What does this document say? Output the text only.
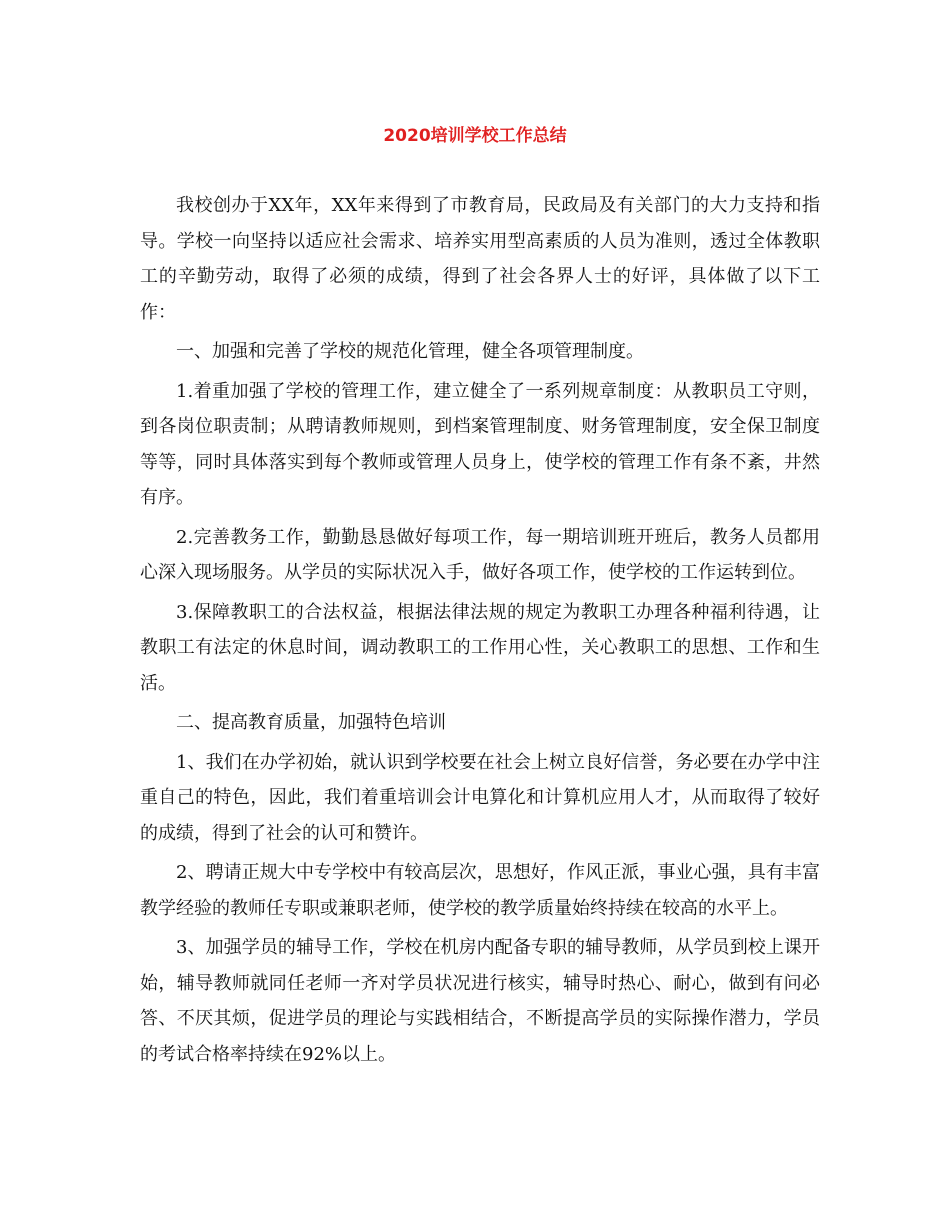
2020培训学校工作总结

我校创办于XX年，XX年来得到了市教育局，民政局及有关部门的大力支持和指导。学校一向坚持以适应社会需求、培养实用型高素质的人员为准则，透过全体教职工的辛勤劳动，取得了必须的成绩，得到了社会各界人士的好评，具体做了以下工作：

一、加强和完善了学校的规范化管理，健全各项管理制度。

1.着重加强了学校的管理工作，建立健全了一系列规章制度：从教职员工守则，到各岗位职责制；从聘请教师规则，到档案管理制度、财务管理制度，安全保卫制度等等，同时具体落实到每个教师或管理人员身上，使学校的管理工作有条不紊，井然有序。

2.完善教务工作，勤勤恳恳做好每项工作，每一期培训班开班后，教务人员都用心深入现场服务。从学员的实际状况入手，做好各项工作，使学校的工作运转到位。

3.保障教职工的合法权益，根据法律法规的规定为教职工办理各种福利待遇，让教职工有法定的休息时间，调动教职工的工作用心性，关心教职工的思想、工作和生活。

二、提高教育质量，加强特色培训

1、我们在办学初始，就认识到学校要在社会上树立良好信誉，务必要在办学中注重自己的特色，因此，我们着重培训会计电算化和计算机应用人才，从而取得了较好的成绩，得到了社会的认可和赞许。

2、聘请正规大中专学校中有较高层次，思想好，作风正派，事业心强，具有丰富教学经验的教师任专职或兼职老师，使学校的教学质量始终持续在较高的水平上。

3、加强学员的辅导工作，学校在机房内配备专职的辅导教师，从学员到校上课开始，辅导教师就同任老师一齐对学员状况进行核实，辅导时热心、耐心，做到有问必答、不厌其烦，促进学员的理论与实践相结合，不断提高学员的实际操作潜力，学员的考试合格率持续在92%以上。
